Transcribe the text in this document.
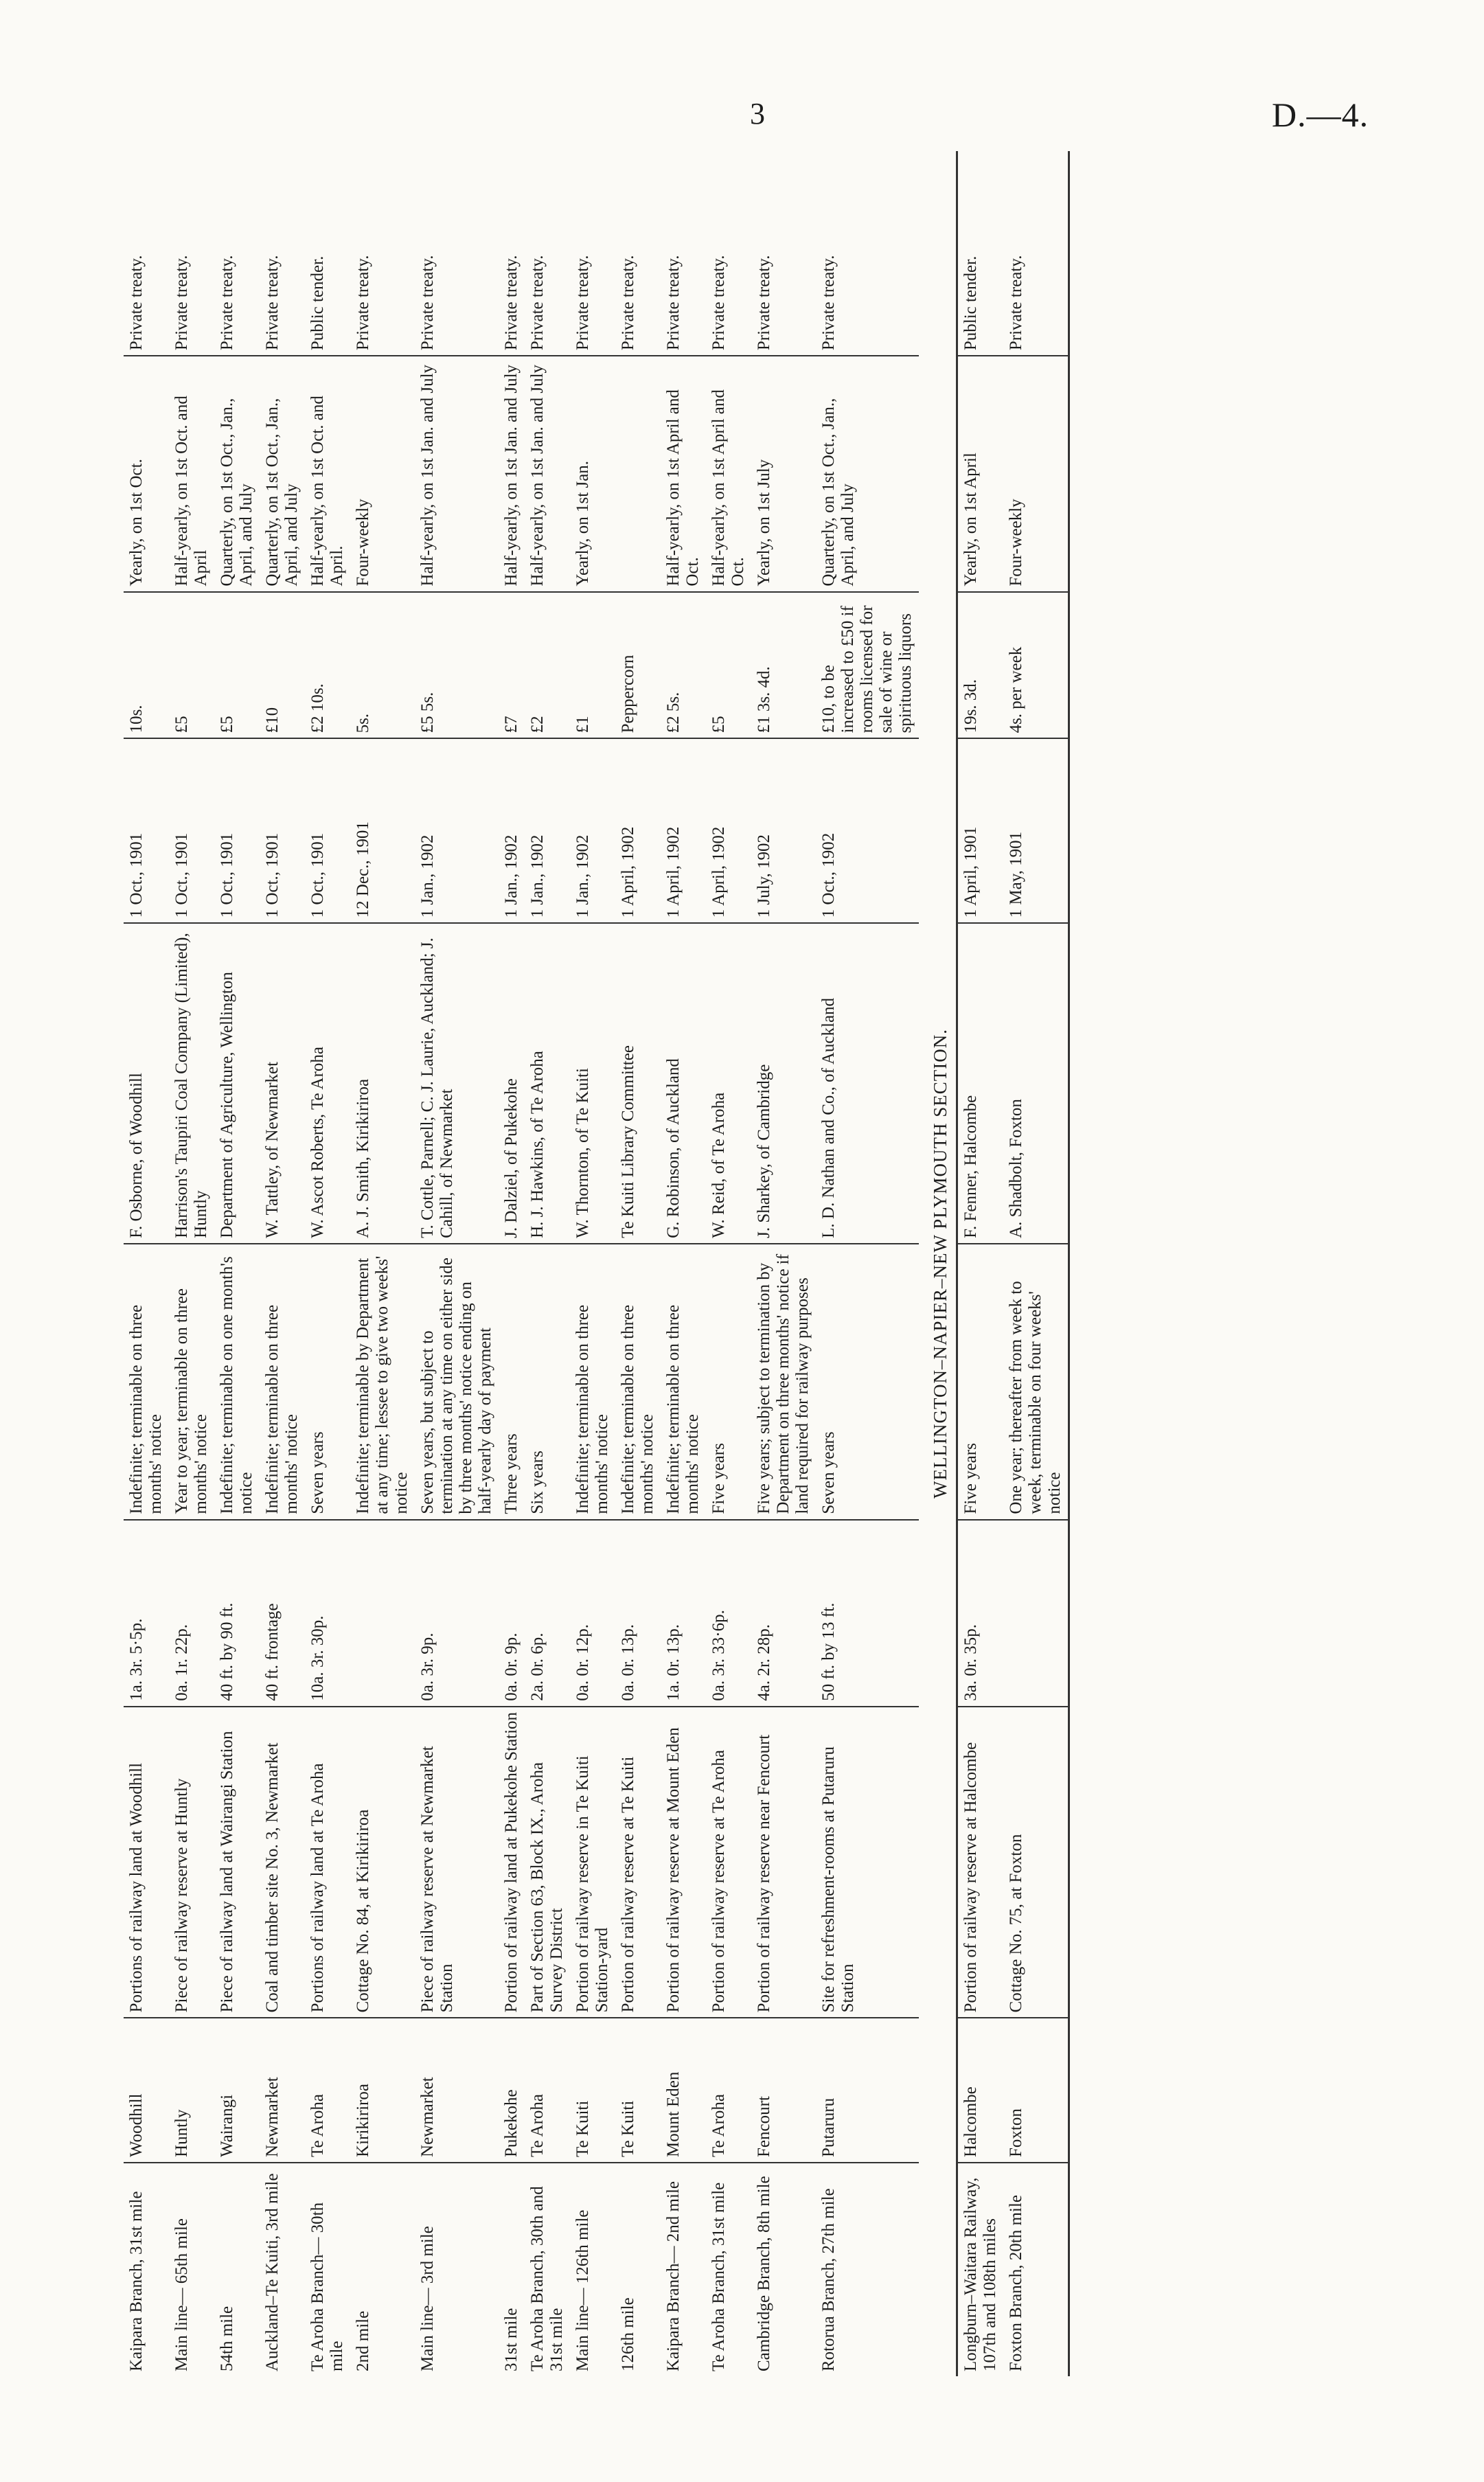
3	D.—4.
Kaipara Branch, 31st mile	Woodhill	Portions of railway land at Woodhill	1a. 3r. 5·5p.	Indefinite; terminable on three months' notice	F. Osborne, of Woodhill	1 Oct., 1901	10s.	Yearly, on 1st Oct.	Private treaty.
Main line— 65th mile	Huntly	Piece of railway reserve at Huntly	0a. 1r. 22p.	Year to year; terminable on three months' notice	Harrison's Taupiri Coal Company (Limited), Huntly	1 Oct., 1901	£5	Half-yearly, on 1st Oct. and April	Private treaty.
54th mile	Wairangi	Piece of railway land at Wairangi Station	40 ft. by 90 ft.	Indefinite; terminable on one month's notice	Department of Agriculture, Wellington	1 Oct., 1901	£5	Quarterly, on 1st Oct., Jan., April, and July	Private treaty.
Auckland–Te Kuiti, 3rd mile	Newmarket	Coal and timber site No. 3, Newmarket	40 ft. frontage	Indefinite; terminable on three months' notice	W. Tattley, of Newmarket	1 Oct., 1901	£10	Quarterly, on 1st Oct., Jan., April, and July	Private treaty.
Te Aroha Branch— 30th mile	Te Aroha	Portions of railway land at Te Aroha	10a. 3r. 30p.	Seven years	W. Ascot Roberts, Te Aroha	1 Oct., 1901	£2 10s.	Half-yearly, on 1st Oct. and April.	Public tender.
2nd mile	Kirikiriroa	Cottage No. 84, at Kirikiriroa		Indefinite; terminable by Department at any time; lessee to give two weeks' notice	A. J. Smith, Kirikiriroa	12 Dec., 1901	5s.	Four-weekly	Private treaty.
Main line— 3rd mile	Newmarket	Piece of railway reserve at Newmarket Station	0a. 3r. 9p.	Seven years, but subject to termination at any time on either side by three months' notice ending on half-yearly day of payment	T. Cottle, Parnell; C. J. Laurie, Auckland; J. Cahill, of Newmarket	1 Jan., 1902	£5 5s.	Half-yearly, on 1st Jan. and July	Private treaty.
31st mile	Pukekohe	Portion of railway land at Pukekohe Station	0a. 0r. 9p.	Three years	J. Dalziel, of Pukekohe	1 Jan., 1902	£7	Half-yearly, on 1st Jan. and July	Private treaty.
Te Aroha Branch, 30th and 31st mile	Te Aroha	Part of Section 63, Block IX., Aroha Survey District	2a. 0r. 6p.	Six years	H. J. Hawkins, of Te Aroha	1 Jan., 1902	£2	Half-yearly, on 1st Jan. and July	Private treaty.
Main line— 126th mile	Te Kuiti	Portion of railway reserve in Te Kuiti Station-yard	0a. 0r. 12p.	Indefinite; terminable on three months' notice	W. Thornton, of Te Kuiti	1 Jan., 1902	£1	Yearly, on 1st Jan.	Private treaty.
126th mile	Te Kuiti	Portion of railway reserve at Te Kuiti	0a. 0r. 13p.	Indefinite; terminable on three months' notice	Te Kuiti Library Committee	1 April, 1902	Peppercorn		Private treaty.
Kaipara Branch— 2nd mile	Mount Eden	Portion of railway reserve at Mount Eden	1a. 0r. 13p.	Indefinite; terminable on three months' notice	G. Robinson, of Auckland	1 April, 1902	£2 5s.	Half-yearly, on 1st April and Oct.	Private treaty.
Te Aroha Branch, 31st mile	Te Aroha	Portion of railway reserve at Te Aroha	0a. 3r. 33·6p.	Five years	W. Reid, of Te Aroha	1 April, 1902	£5	Half-yearly, on 1st April and Oct.	Private treaty.
Cambridge Branch, 8th mile	Fencourt	Portion of railway reserve near Fencourt	4a. 2r. 28p.	Five years; subject to termination by Department on three months' notice if land required for railway purposes	J. Sharkey, of Cambridge	1 July, 1902	£1 3s. 4d.	Yearly, on 1st July	Private treaty.
Rotorua Branch, 27th mile	Putaruru	Site for refreshment-rooms at Putaruru Station	50 ft. by 13 ft.	Seven years	L. D. Nathan and Co., of Auckland	1 Oct., 1902	£10, to be increased to £50 if rooms licensed for sale of wine or spirituous liquors	Quarterly, on 1st Oct., Jan., April, and July	Private treaty.
WELLINGTON–NAPIER–NEW PLYMOUTH SECTION.									
Longburn–Waitara Railway, 107th and 108th miles	Halcombe	Portion of railway reserve at Halcombe	3a. 0r. 35p.	Five years	F. Fenner, Halcombe	1 April, 1901	19s. 3d.	Yearly, on 1st April	Public tender.
Foxton Branch, 20th mile	Foxton	Cottage No. 75, at Foxton		One year; thereafter from week to week, terminable on four weeks' notice	A. Shadbolt, Foxton	1 May, 1901	4s. per week	Four-weekly	Private treaty.
